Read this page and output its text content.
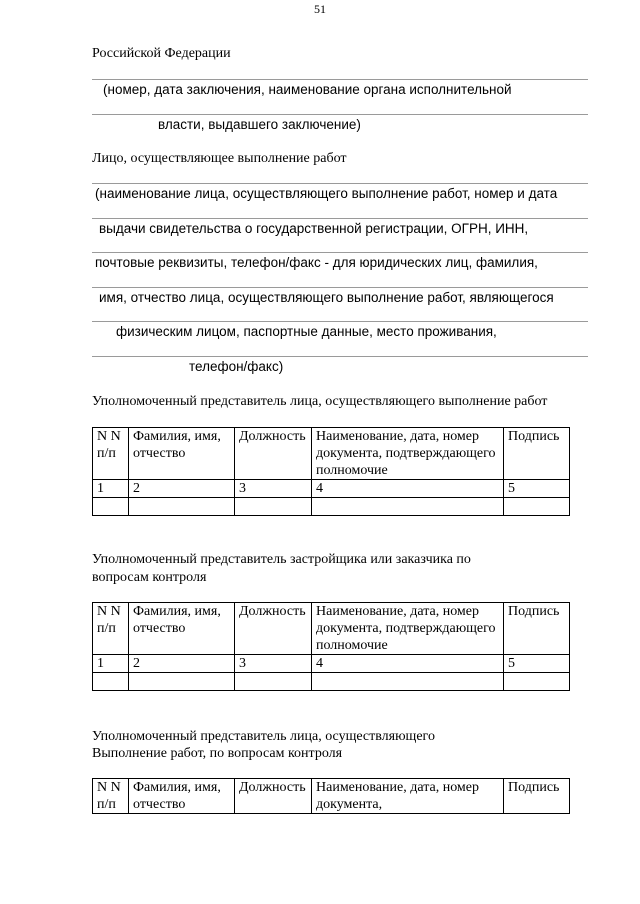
51
Российской Федерации
(номер, дата заключения, наименование органа исполнительной
власти, выдавшего заключение)
Лицо, осуществляющее выполнение работ
(наименование лица, осуществляющего выполнение работ, номер и дата
выдачи свидетельства о государственной регистрации, ОГРН, ИНН,
почтовые реквизиты, телефон/факс - для юридических лиц, фамилия,
имя, отчество лица, осуществляющего выполнение работ, являющегося
физическим лицом, паспортные данные, место проживания,
телефон/факс)
Уполномоченный представитель лица, осуществляющего выполнение работ
N N п/п	Фамилия, имя, отчество	Должность	Наименование, дата, номер документа, подтверждающего полномочие	Подпись
1	2	3	4	5

Уполномоченный представитель застройщика или заказчика по
вопросам контроля
N N п/п	Фамилия, имя, отчество	Должность	Наименование, дата, номер документа, подтверждающего полномочие	Подпись
1	2	3	4	5

Уполномоченный представитель лица, осуществляющего
Выполнение работ, по вопросам контроля
N N п/п	Фамилия, имя, отчество	Должность	Наименование, дата, номер документа,	Подпись
